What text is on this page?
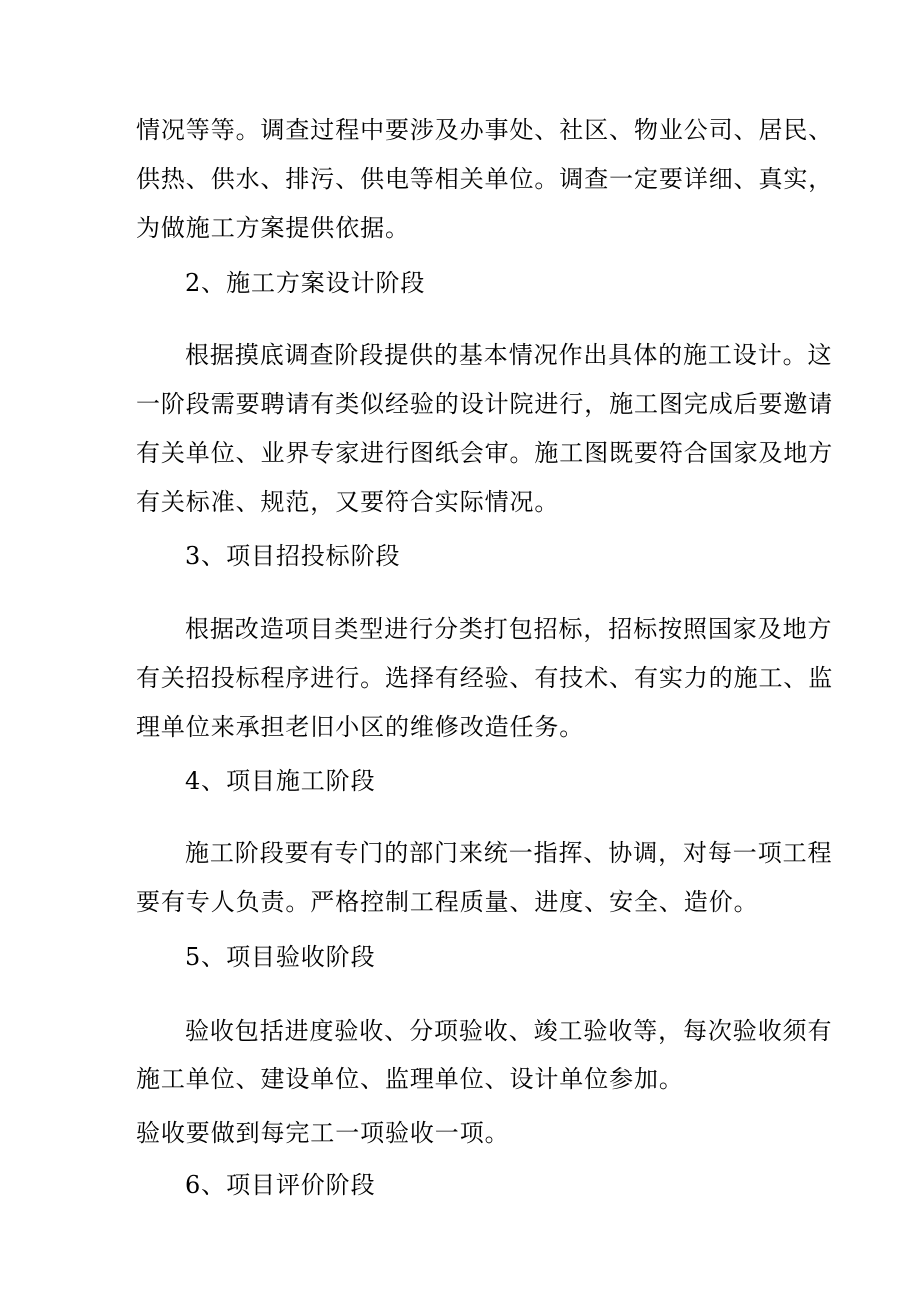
情况等等。调查过程中要涉及办事处、社区、物业公司、居民、
供热、供水、排污、供电等相关单位。调查一定要详细、真实，
为做施工方案提供依据。
2、施工方案设计阶段
根据摸底调查阶段提供的基本情况作出具体的施工设计。这
一阶段需要聘请有类似经验的设计院进行，施工图完成后要邀请
有关单位、业界专家进行图纸会审。施工图既要符合国家及地方
有关标准、规范，又要符合实际情况。
3、项目招投标阶段
根据改造项目类型进行分类打包招标，招标按照国家及地方
有关招投标程序进行。选择有经验、有技术、有实力的施工、监
理单位来承担老旧小区的维修改造任务。
4、项目施工阶段
施工阶段要有专门的部门来统一指挥、协调，对每一项工程
要有专人负责。严格控制工程质量、进度、安全、造价。
5、项目验收阶段
验收包括进度验收、分项验收、竣工验收等，每次验收须有
施工单位、建设单位、监理单位、设计单位参加。
验收要做到每完工一项验收一项。
6、项目评价阶段
